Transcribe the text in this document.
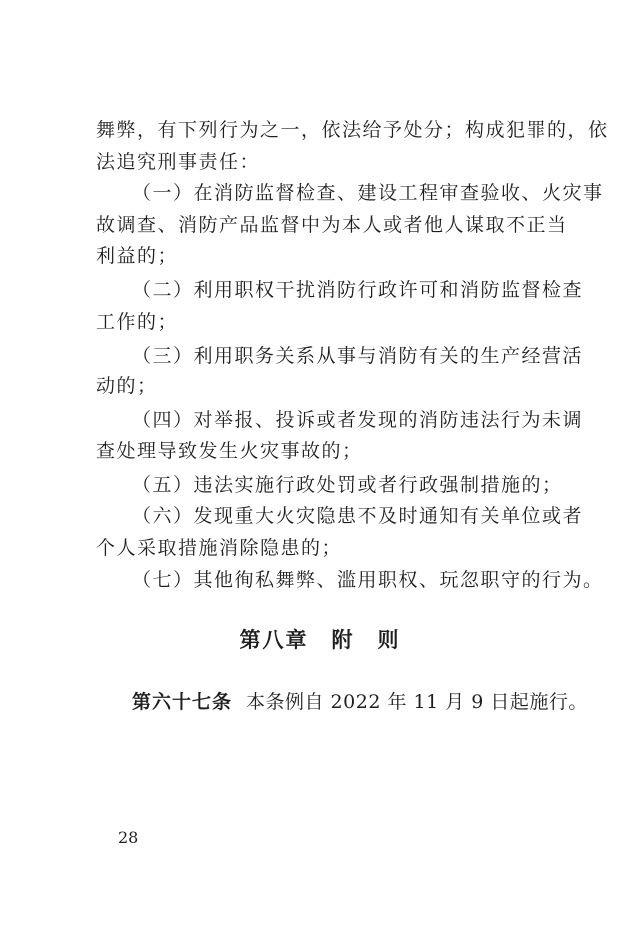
舞弊，有下列行为之一，依法给予处分；构成犯罪的，依
法追究刑事责任：
（一）在消防监督检查、建设工程审查验收、火灾事
故调查、消防产品监督中为本人或者他人谋取不正当
利益的；
（二）利用职权干扰消防行政许可和消防监督检查
工作的；
（三）利用职务关系从事与消防有关的生产经营活
动的；
（四）对举报、投诉或者发现的消防违法行为未调
查处理导致发生火灾事故的；
（五）违法实施行政处罚或者行政强制措施的；
（六）发现重大火灾隐患不及时通知有关单位或者
个人采取措施消除隐患的；
（七）其他徇私舞弊、滥用职权、玩忽职守的行为。
第八章　附　则
第六十七条 本条例自 2022 年 11 月 9 日起施行。
28
